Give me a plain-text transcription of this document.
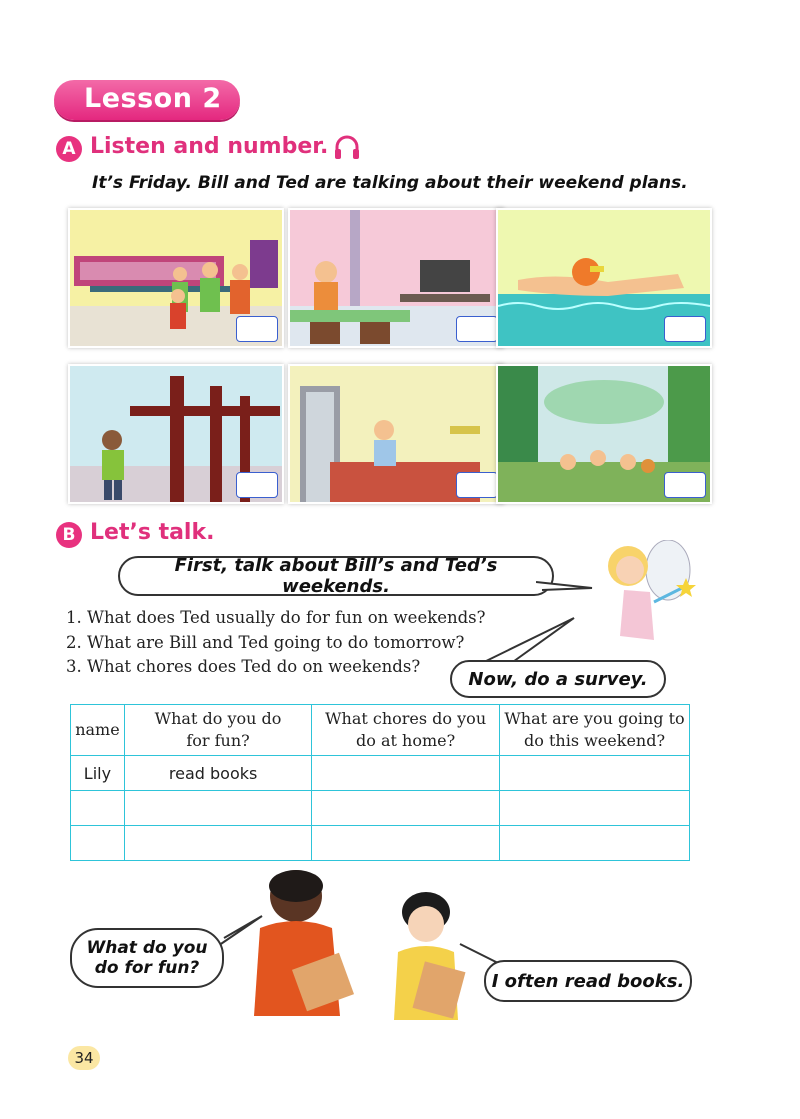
Lesson 2
A Listen and number.
It’s Friday. Bill and Ted are talking about their weekend plans.
B Let’s talk.
First, talk about Bill’s and Ted’s weekends.
1. What does Ted usually do for fun on weekends?
2. What are Bill and Ted going to do tomorrow?
3. What chores does Ted do on weekends?
Now, do a survey.
name	What do you do for fun?	What chores do you do at home?	What are you going to do this weekend?

Lily	read books		

What do you do for fun?
I often read books.
34
